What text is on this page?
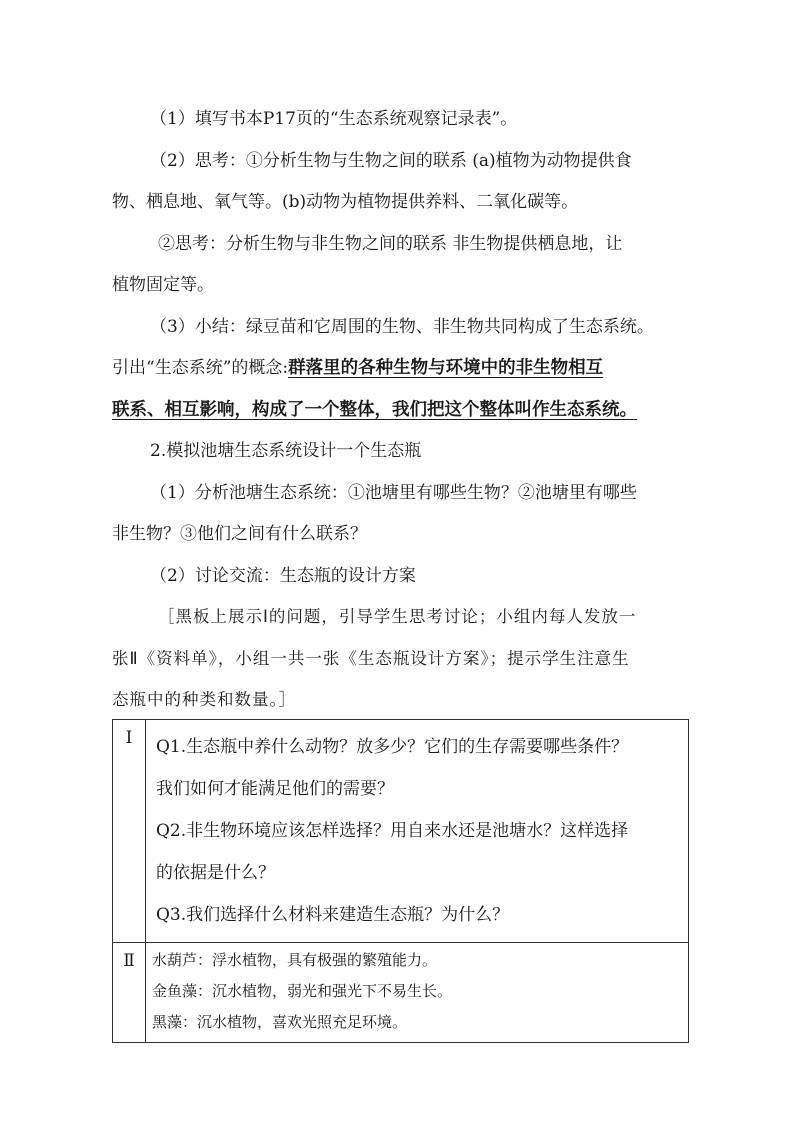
（1）填写书本P17页的“生态系统观察记录表”。
（2）思考：①分析生物与生物之间的联系 (a)植物为动物提供食
物、栖息地、氧气等。(b)动物为植物提供养料、二氧化碳等。
②思考：分析生物与非生物之间的联系 非生物提供栖息地，让
植物固定等。
（3）小结：绿豆苗和它周围的生物、非生物共同构成了生态系统。
引出“生态系统”的概念:群落里的各种生物与环境中的非生物相互
联系、相互影响，构成了一个整体，我们把这个整体叫作生态系统。
2.模拟池塘生态系统设计一个生态瓶
（1）分析池塘生态系统：①池塘里有哪些生物？②池塘里有哪些
非生物？③他们之间有什么联系？
（2）讨论交流：生态瓶的设计方案
［黑板上展示Ⅰ的问题，引导学生思考讨论；小组内每人发放一
张Ⅱ《资料单》，小组一共一张《生态瓶设计方案》；提示学生注意生
态瓶中的种类和数量。］
Ⅰ	Q1.生态瓶中养什么动物？放多少？它们的生存需要哪些条件？
我们如何才能满足他们的需要？
Q2.非生物环境应该怎样选择？用自来水还是池塘水？这样选择
的依据是什么？
Q3.我们选择什么材料来建造生态瓶？为什么？

Ⅱ	水葫芦：浮水植物，具有极强的繁殖能力。
金鱼藻：沉水植物，弱光和强光下不易生长。
黑藻：沉水植物，喜欢光照充足环境。
